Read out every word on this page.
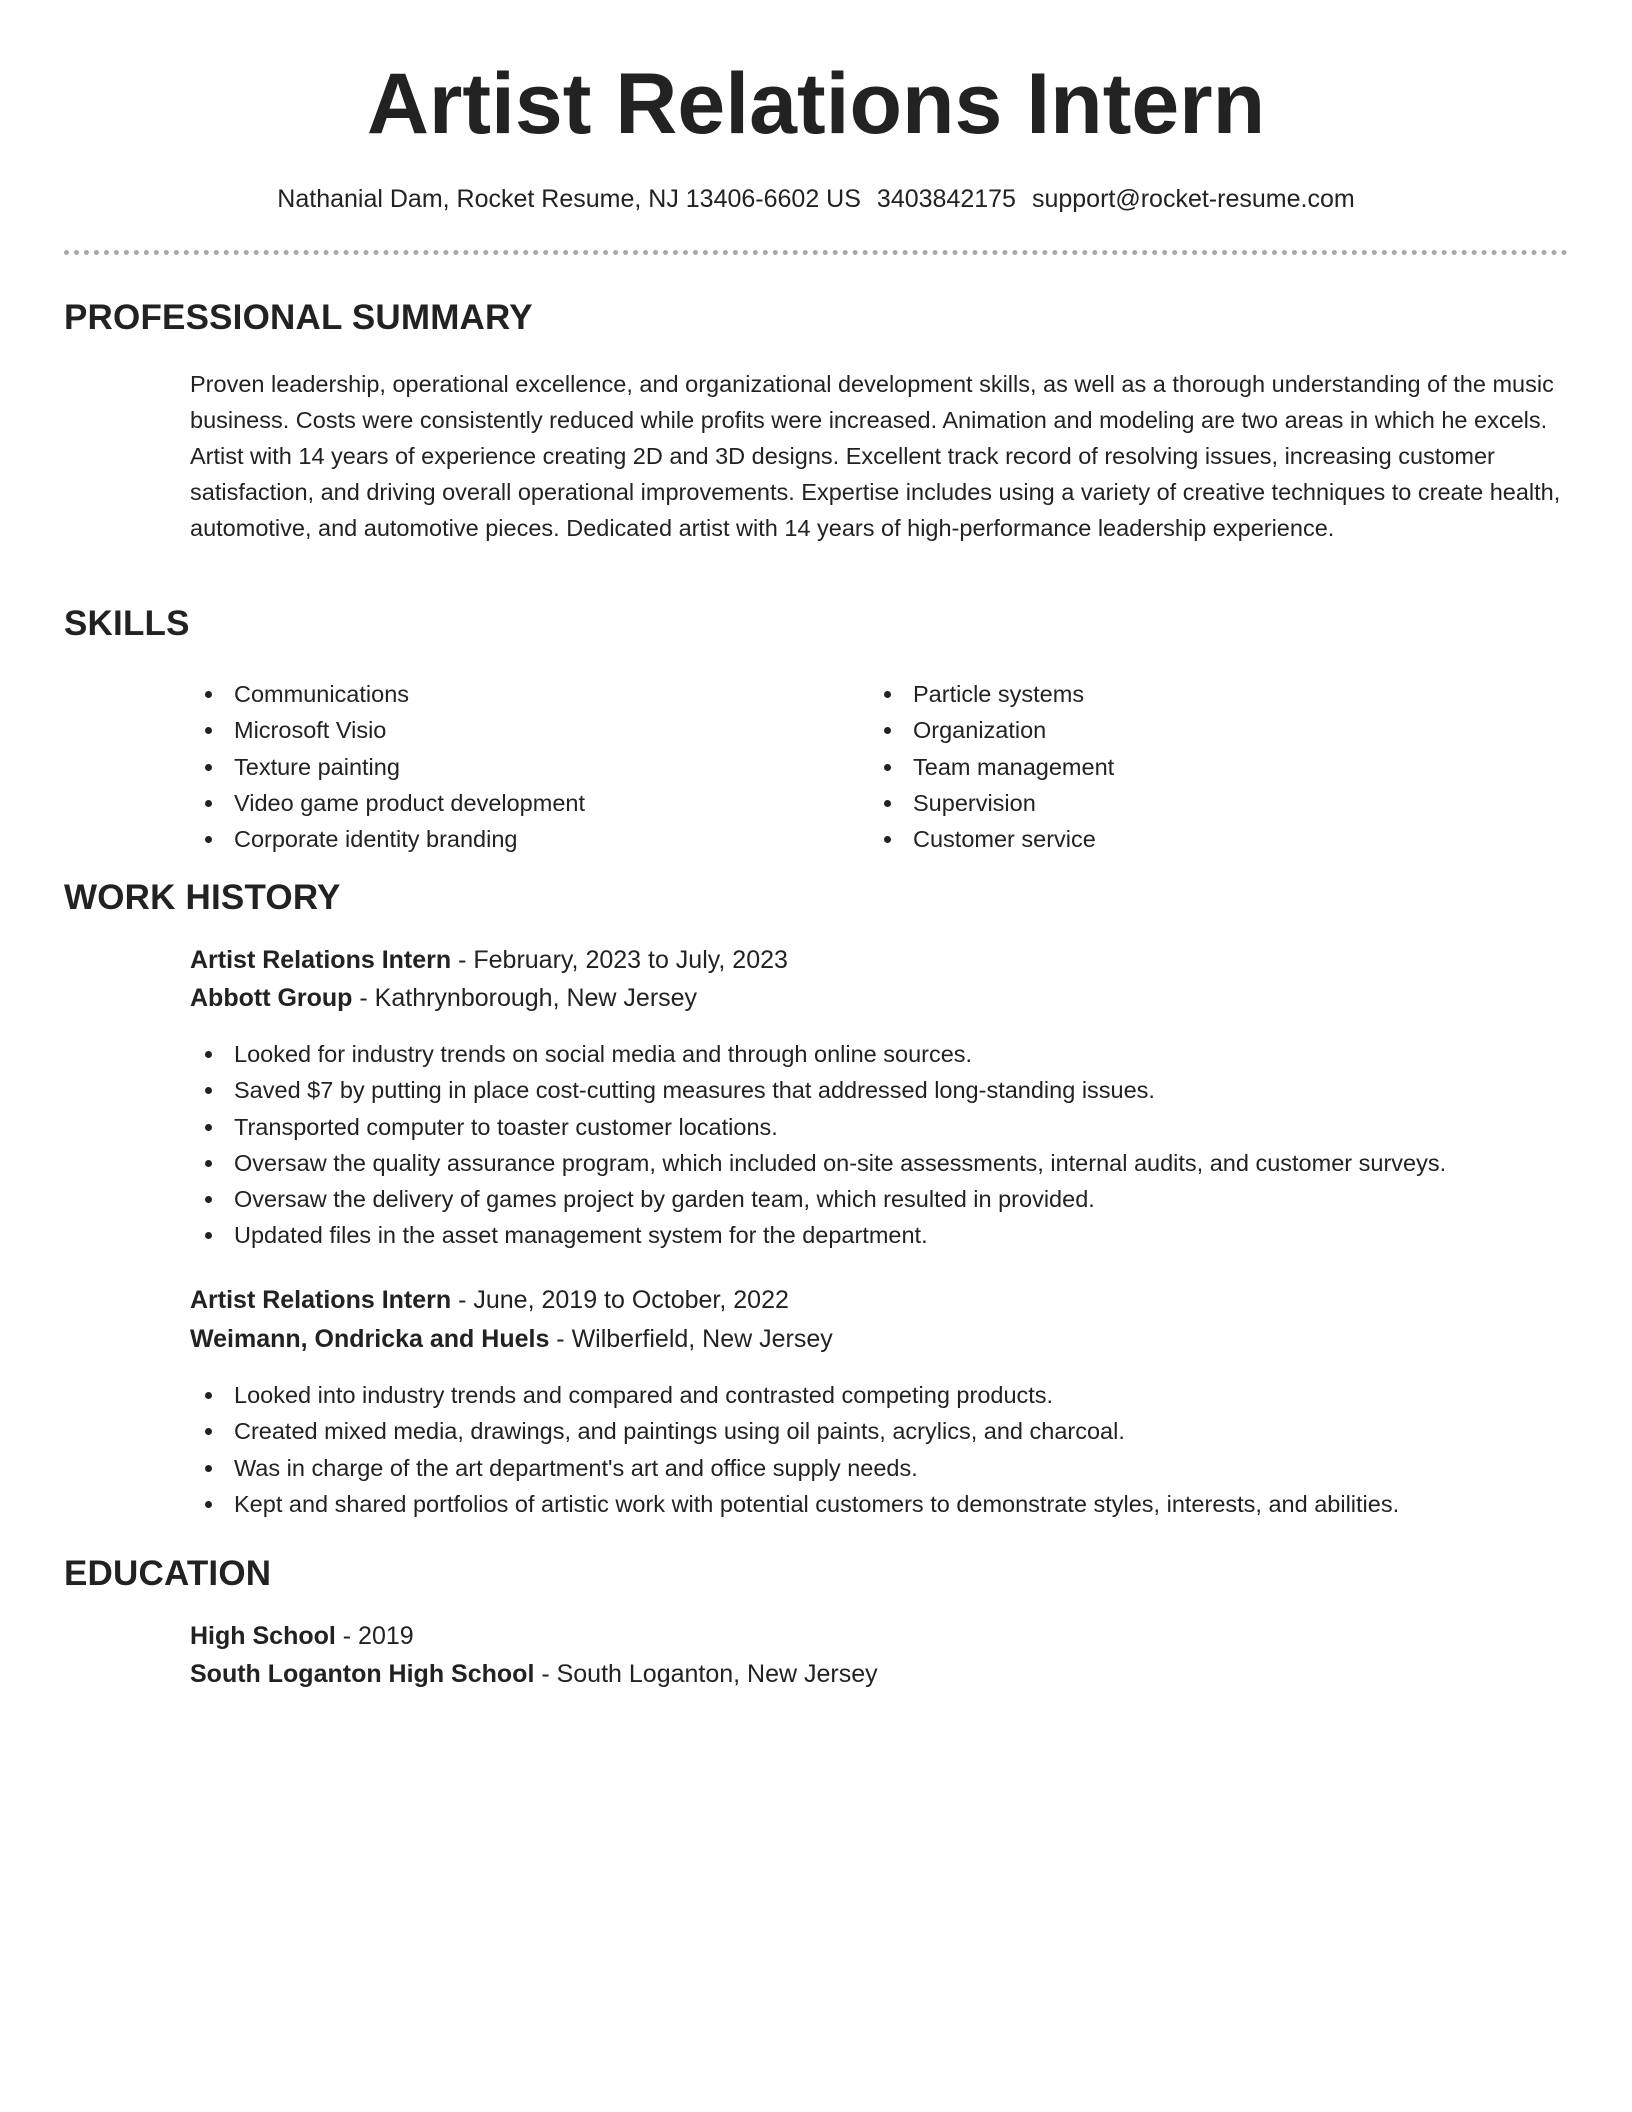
Artist Relations Intern
Nathanial Dam, Rocket Resume, NJ 13406-6602 US 3403842175 support@rocket-resume.com
PROFESSIONAL SUMMARY

Proven leadership, operational excellence, and organizational development skills, as well as a thorough understanding of the music business. Costs were consistently reduced while profits were increased. Animation and modeling are two areas in which he excels. Artist with 14 years of experience creating 2D and 3D designs. Excellent track record of resolving issues, increasing customer satisfaction, and driving overall operational improvements. Expertise includes using a variety of creative techniques to create health, automotive, and automotive pieces. Dedicated artist with 14 years of high-performance leadership experience.

SKILLS
Communications
Microsoft Visio
Texture painting
Video game product development
Corporate identity branding
Particle systems
Organization
Team management
Supervision
Customer service
WORK HISTORY
Artist Relations Intern - February, 2023 to July, 2023
Abbott Group - Kathrynborough, New Jersey
Looked for industry trends on social media and through online sources.
Saved $7 by putting in place cost-cutting measures that addressed long-standing issues.
Transported computer to toaster customer locations.
Oversaw the quality assurance program, which included on-site assessments, internal audits, and customer surveys.
Oversaw the delivery of games project by garden team, which resulted in provided.
Updated files in the asset management system for the department.
Artist Relations Intern - June, 2019 to October, 2022
Weimann, Ondricka and Huels - Wilberfield, New Jersey
Looked into industry trends and compared and contrasted competing products.
Created mixed media, drawings, and paintings using oil paints, acrylics, and charcoal.
Was in charge of the art department's art and office supply needs.
Kept and shared portfolios of artistic work with potential customers to demonstrate styles, interests, and abilities.
EDUCATION
High School - 2019
South Loganton High School - South Loganton, New Jersey
